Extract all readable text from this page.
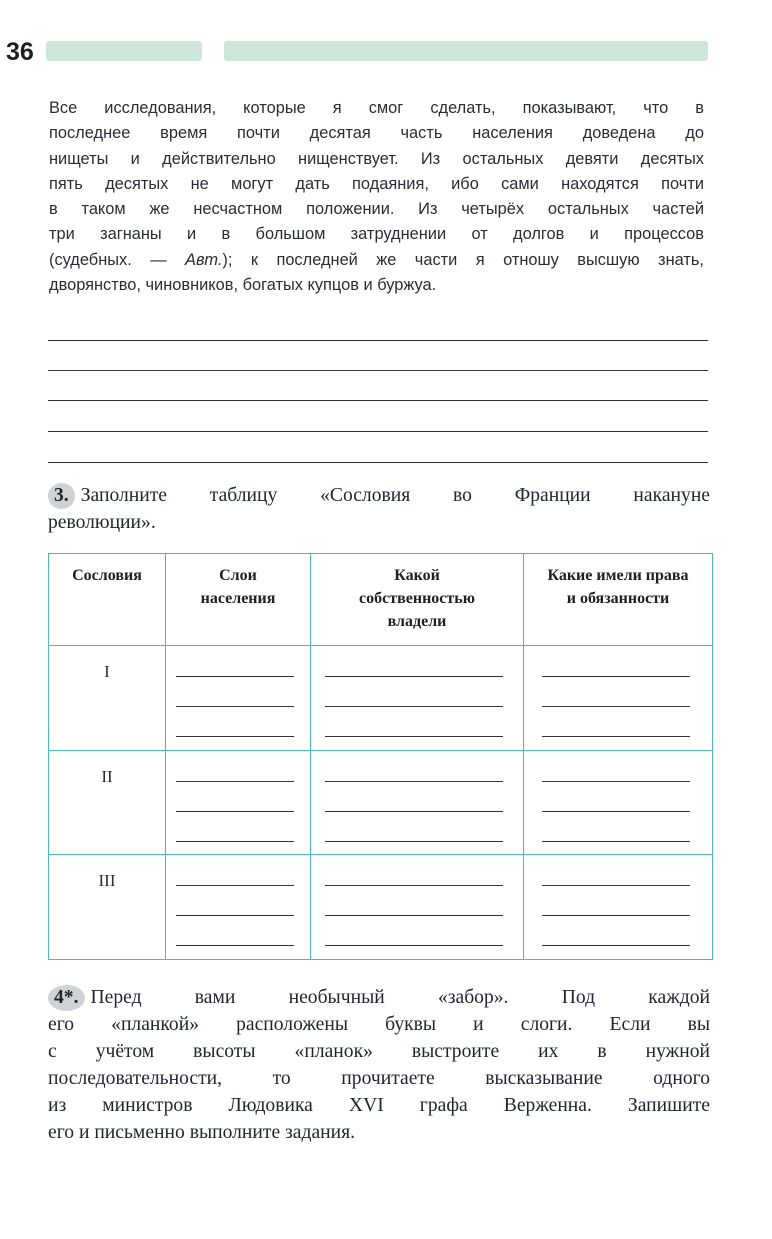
36
Все исследования, которые я смог сделать, показывают, что в
последнее время почти десятая часть населения доведена до
нищеты и действительно нищенствует. Из остальных девяти десятых
пять десятых не могут дать подаяния, ибо сами находятся почти
в таком же несчастном положении. Из четырёх остальных частей
три загнаны и в большом затруднении от долгов и процессов
(судебных. — Авт.); к последней же части я отношу высшую знать,
дворянство, чиновников, богатых купцов и буржуа.
3. Заполните таблицу «Сословия во Франции накануне
революции».
Сословия	Слои населения	Какой собственностью владели	Какие имели права и обязанности

I	

II	

III	

4*. Перед вами необычный «забор». Под каждой
его «планкой» расположены буквы и слоги. Если вы
с учётом высоты «планок» выстроите их в нужной
последовательности, то прочитаете высказывание одного
из министров Людовика XVI графа Верженна. Запишите
его и письменно выполните задания.
